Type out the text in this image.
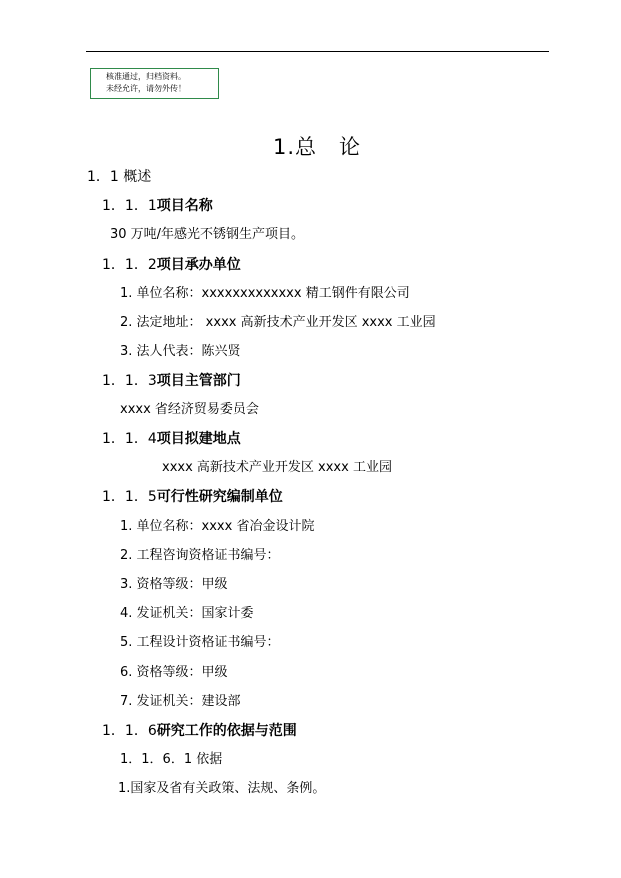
核准通过，归档资料。
未经允许，请勿外传！
1.总 论
1．1 概述
1．1．1项目名称
30 万吨/年感光不锈钢生产项目。
1．1．2项目承办单位
1. 单位名称：xxxxxxxxxxxxx 精工钢件有限公司
2. 法定地址： xxxx 高新技术产业开发区 xxxx 工业园
3. 法人代表：陈兴贤
1．1．3项目主管部门
xxxx 省经济贸易委员会
1．1．4项目拟建地点
xxxx 高新技术产业开发区 xxxx 工业园
1．1．5可行性研究编制单位
1. 单位名称：xxxx 省冶金设计院
2. 工程咨询资格证书编号：
3. 资格等级：甲级
4. 发证机关：国家计委
5. 工程设计资格证书编号：
6. 资格等级：甲级
7. 发证机关：建设部
1．1．6研究工作的依据与范围
1．1．6．1 依据
1.国家及省有关政策、法规、条例。
